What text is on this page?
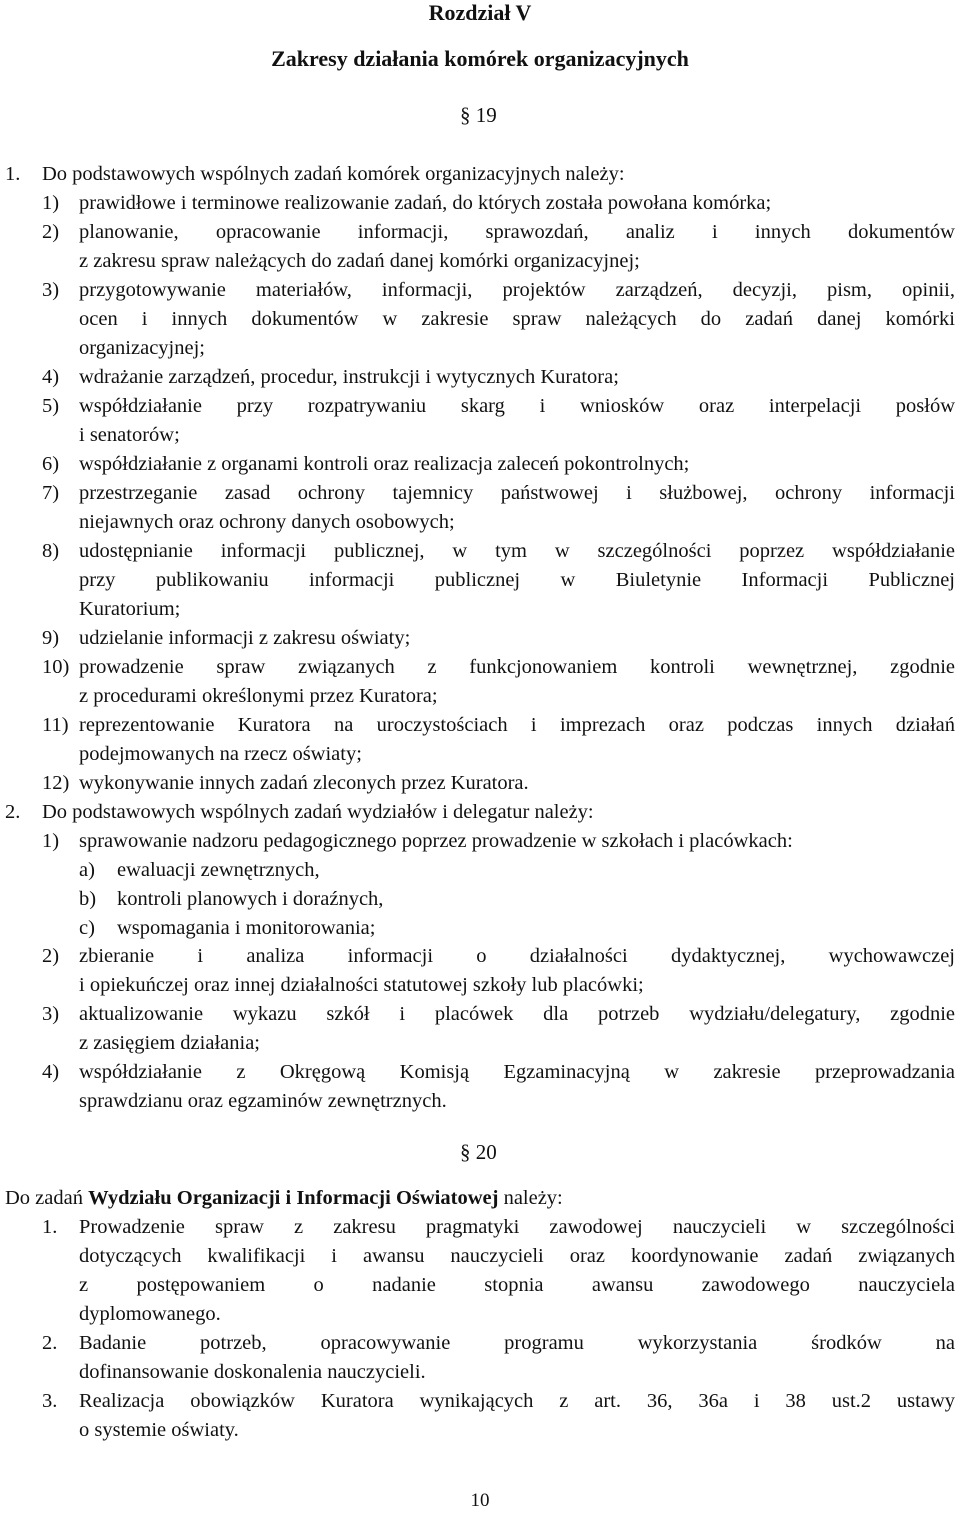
Rozdział V
Zakresy działania komórek organizacyjnych
§ 19
1. Do podstawowych wspólnych zadań komórek organizacyjnych należy:
1) prawidłowe i terminowe realizowanie zadań, do których została powołana komórka;
2) planowanie, opracowanie informacji, sprawozdań, analiz i innych dokumentów
z zakresu spraw należących do zadań danej komórki organizacyjnej;
3) przygotowywanie materiałów, informacji, projektów zarządzeń, decyzji, pism, opinii,
ocen i innych dokumentów w zakresie spraw należących do zadań danej komórki
organizacyjnej;
4) wdrażanie zarządzeń, procedur, instrukcji i wytycznych Kuratora;
5) współdziałanie przy rozpatrywaniu skarg i wniosków oraz interpelacji posłów
i senatorów;
6) współdziałanie z organami kontroli oraz realizacja zaleceń pokontrolnych;
7) przestrzeganie zasad ochrony tajemnicy państwowej i służbowej, ochrony informacji
niejawnych oraz ochrony danych osobowych;
8) udostępnianie informacji publicznej, w tym w szczególności poprzez współdziałanie
przy publikowaniu informacji publicznej w Biuletynie Informacji Publicznej
Kuratorium;
9) udzielanie informacji z zakresu oświaty;
10) prowadzenie spraw związanych z funkcjonowaniem kontroli wewnętrznej, zgodnie
z procedurami określonymi przez Kuratora;
11) reprezentowanie Kuratora na uroczystościach i imprezach oraz podczas innych działań
podejmowanych na rzecz oświaty;
12) wykonywanie innych zadań zleconych przez Kuratora.
2. Do podstawowych wspólnych zadań wydziałów i delegatur należy:
1) sprawowanie nadzoru pedagogicznego poprzez prowadzenie w szkołach i placówkach:
a) ewaluacji zewnętrznych,
b) kontroli planowych i doraźnych,
c) wspomagania i monitorowania;
2) zbieranie i analiza informacji o działalności dydaktycznej, wychowawczej
i opiekuńczej oraz innej działalności statutowej szkoły lub placówki;
3) aktualizowanie wykazu szkół i placówek dla potrzeb wydziału/delegatury, zgodnie
z zasięgiem działania;
4) współdziałanie z Okręgową Komisją Egzaminacyjną w zakresie przeprowadzania
sprawdzianu oraz egzaminów zewnętrznych.
§ 20
Do zadań Wydziału Organizacji i Informacji Oświatowej należy:
1. Prowadzenie spraw z zakresu pragmatyki zawodowej nauczycieli w szczególności
dotyczących kwalifikacji i awansu nauczycieli oraz koordynowanie zadań związanych
z postępowaniem o nadanie stopnia awansu zawodowego nauczyciela
dyplomowanego.
2. Badanie potrzeb, opracowywanie programu wykorzystania środków na
dofinansowanie doskonalenia nauczycieli.
3. Realizacja obowiązków Kuratora wynikających z art. 36, 36a i 38 ust.2 ustawy
o systemie oświaty.
10
